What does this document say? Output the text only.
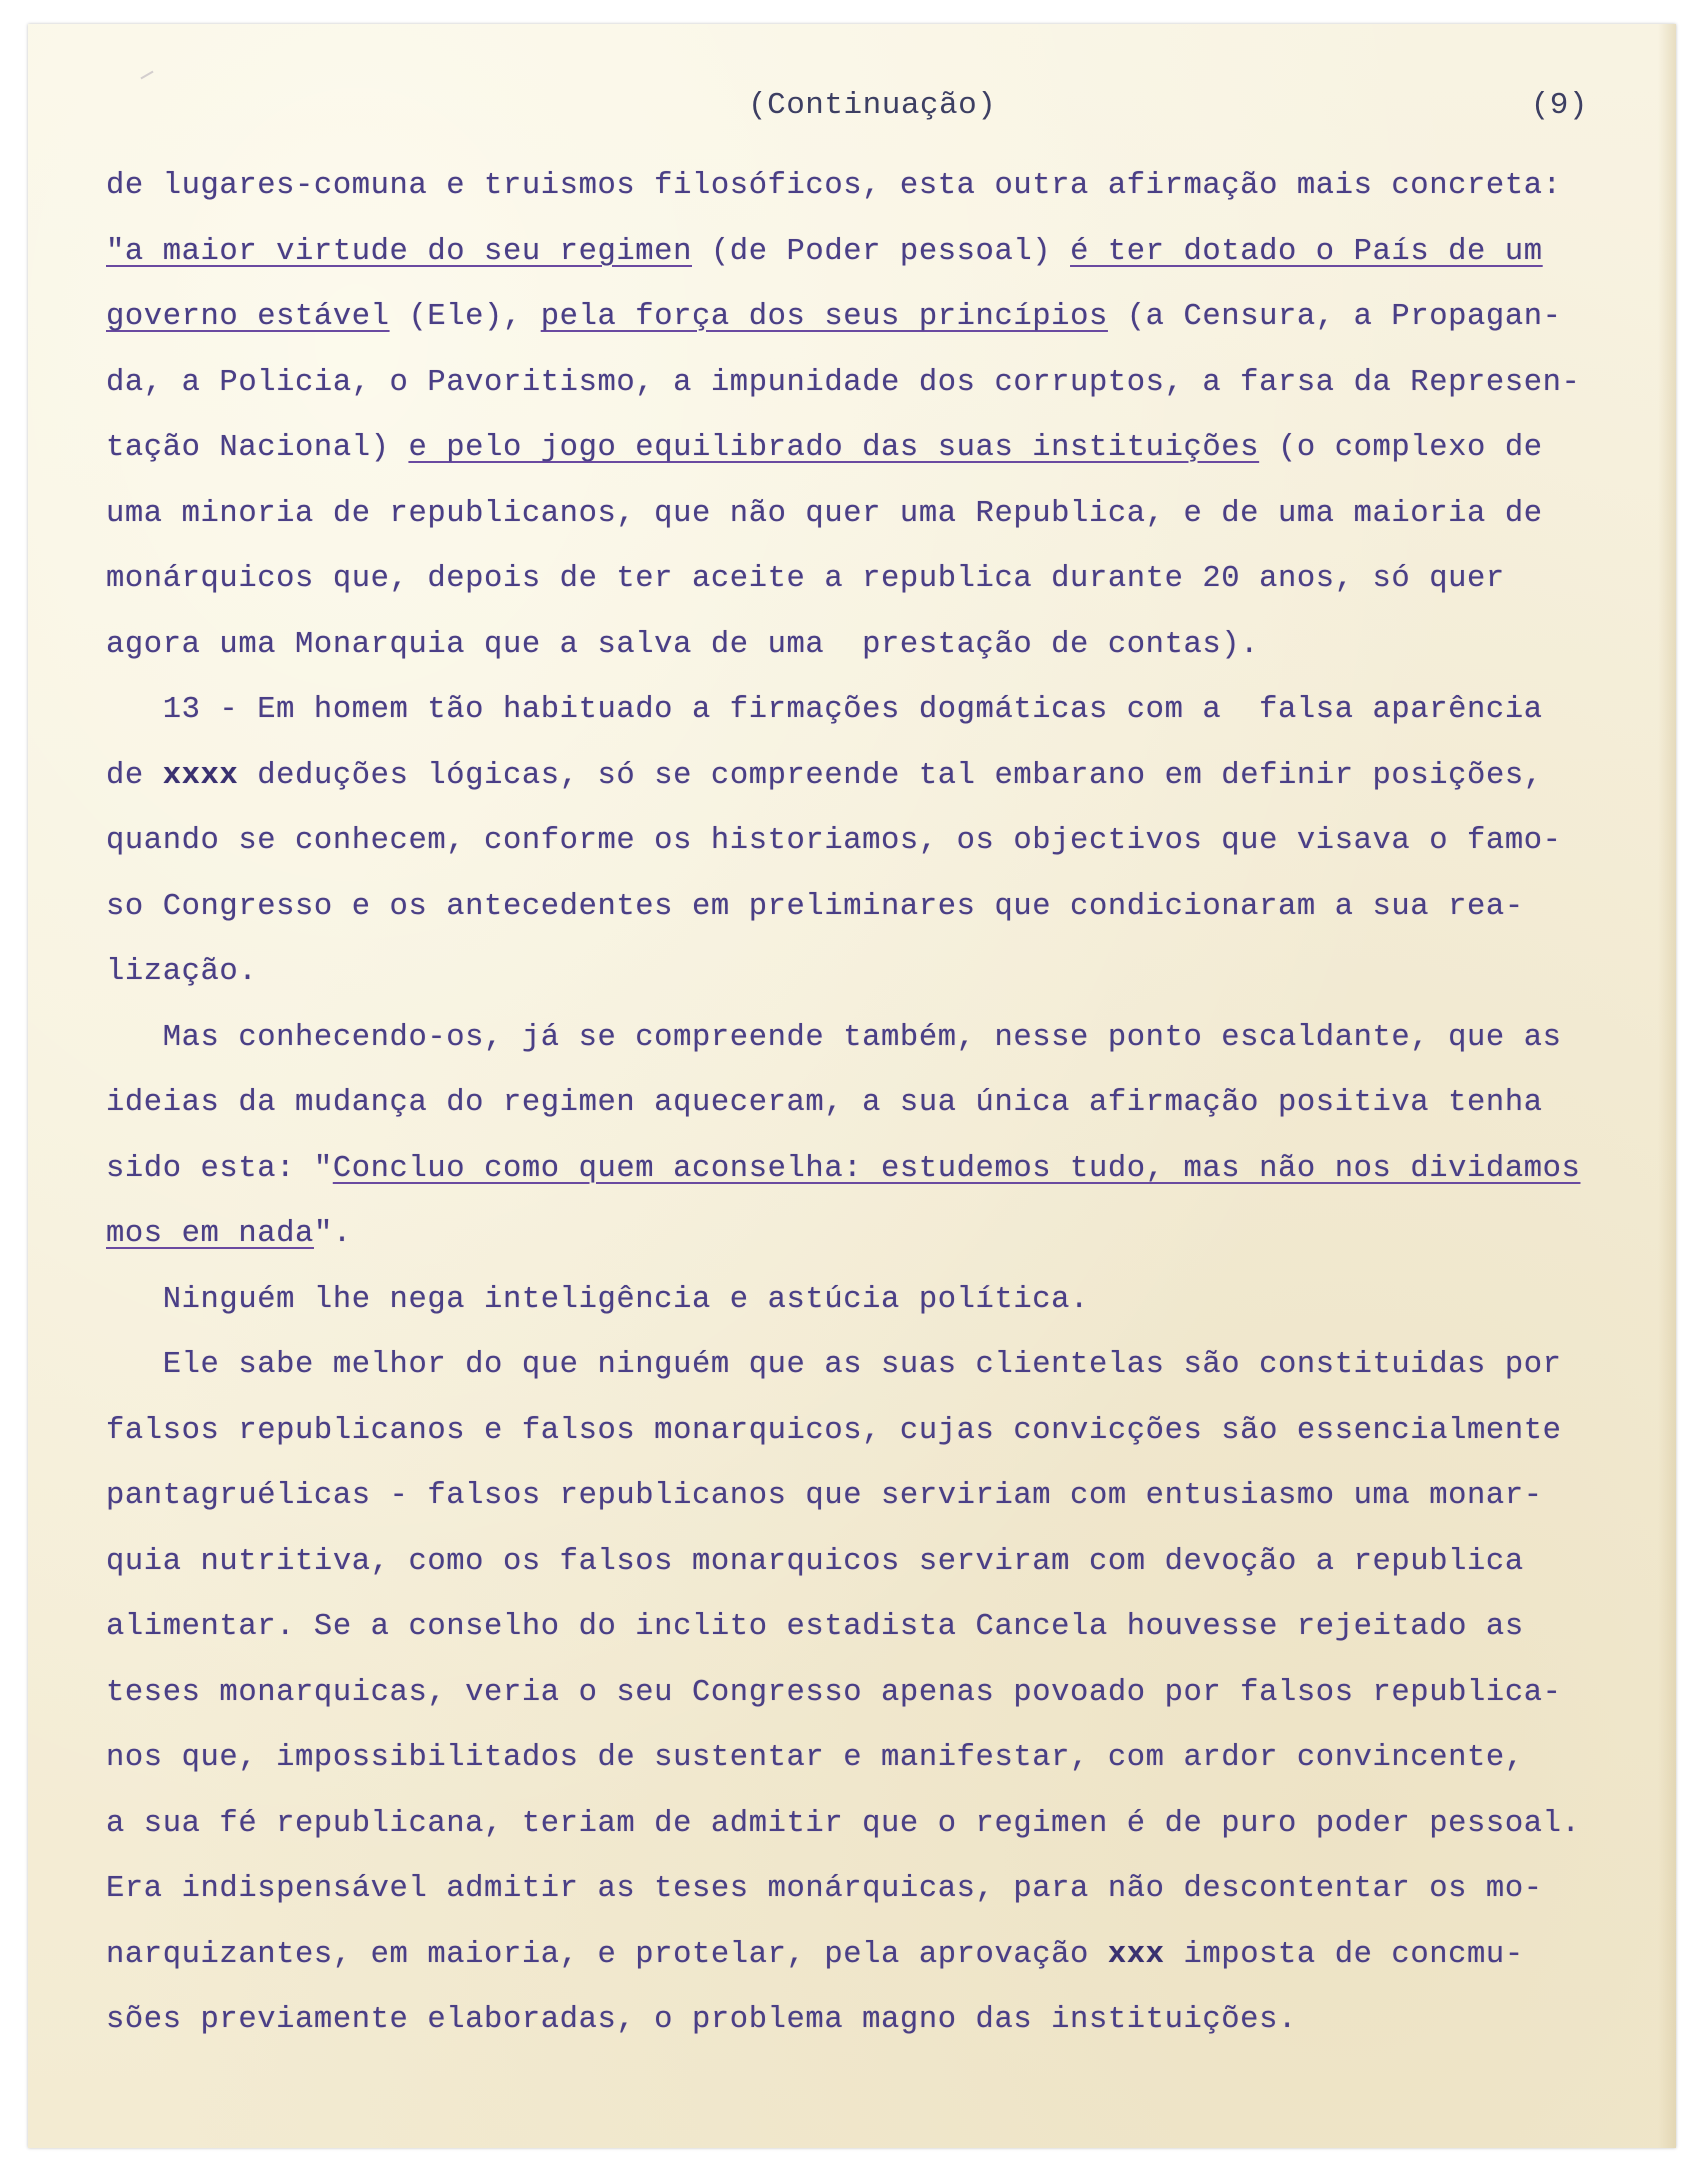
(Continuação)	(9)
de lugares-comuna e truismos filosóficos, esta outra afirmação mais concreta:
"a maior virtude do seu regimen (de Poder pessoal) é ter dotado o País de um
governo estável (Ele), pela força dos seus princípios (a Censura, a Propagan-
da, a Policia, o Pavoritismo, a impunidade dos corruptos, a farsa da Represen-
tação Nacional) e pelo jogo equilibrado das suas instituições (o complexo de
uma minoria de republicanos, que não quer uma Republica, e de uma maioria de
monárquicos que, depois de ter aceite a republica durante 20 anos, só quer
agora uma Monarquia que a salva de uma  prestação de contas).
13 - Em homem tão habituado a firmações dogmáticas com a  falsa aparência
de xxxx deduções lógicas, só se compreende tal embarano em definir posições,
quando se conhecem, conforme os historiamos, os objectivos que visava o famo-
so Congresso e os antecedentes em preliminares que condicionaram a sua rea-
lização.
Mas conhecendo-os, já se compreende também, nesse ponto escaldante, que as
ideias da mudança do regimen aqueceram, a sua única afirmação positiva tenha
sido esta: "Concluo como quem aconselha: estudemos tudo, mas não nos dividamos
mos em nada".
Ninguém lhe nega inteligência e astúcia política.
Ele sabe melhor do que ninguém que as suas clientelas são constituidas por
falsos republicanos e falsos monarquicos, cujas convicções são essencialmente
pantagruélicas - falsos republicanos que serviriam com entusiasmo uma monar-
quia nutritiva, como os falsos monarquicos serviram com devoção a republica
alimentar. Se a conselho do inclito estadista Cancela houvesse rejeitado as
teses monarquicas, veria o seu Congresso apenas povoado por falsos republica-
nos que, impossibilitados de sustentar e manifestar, com ardor convincente,
a sua fé republicana, teriam de admitir que o regimen é de puro poder pessoal.
Era indispensável admitir as teses monárquicas, para não descontentar os mo-
narquizantes, em maioria, e protelar, pela aprovação xxx imposta de concmu-
sões previamente elaboradas, o problema magno das instituições.
